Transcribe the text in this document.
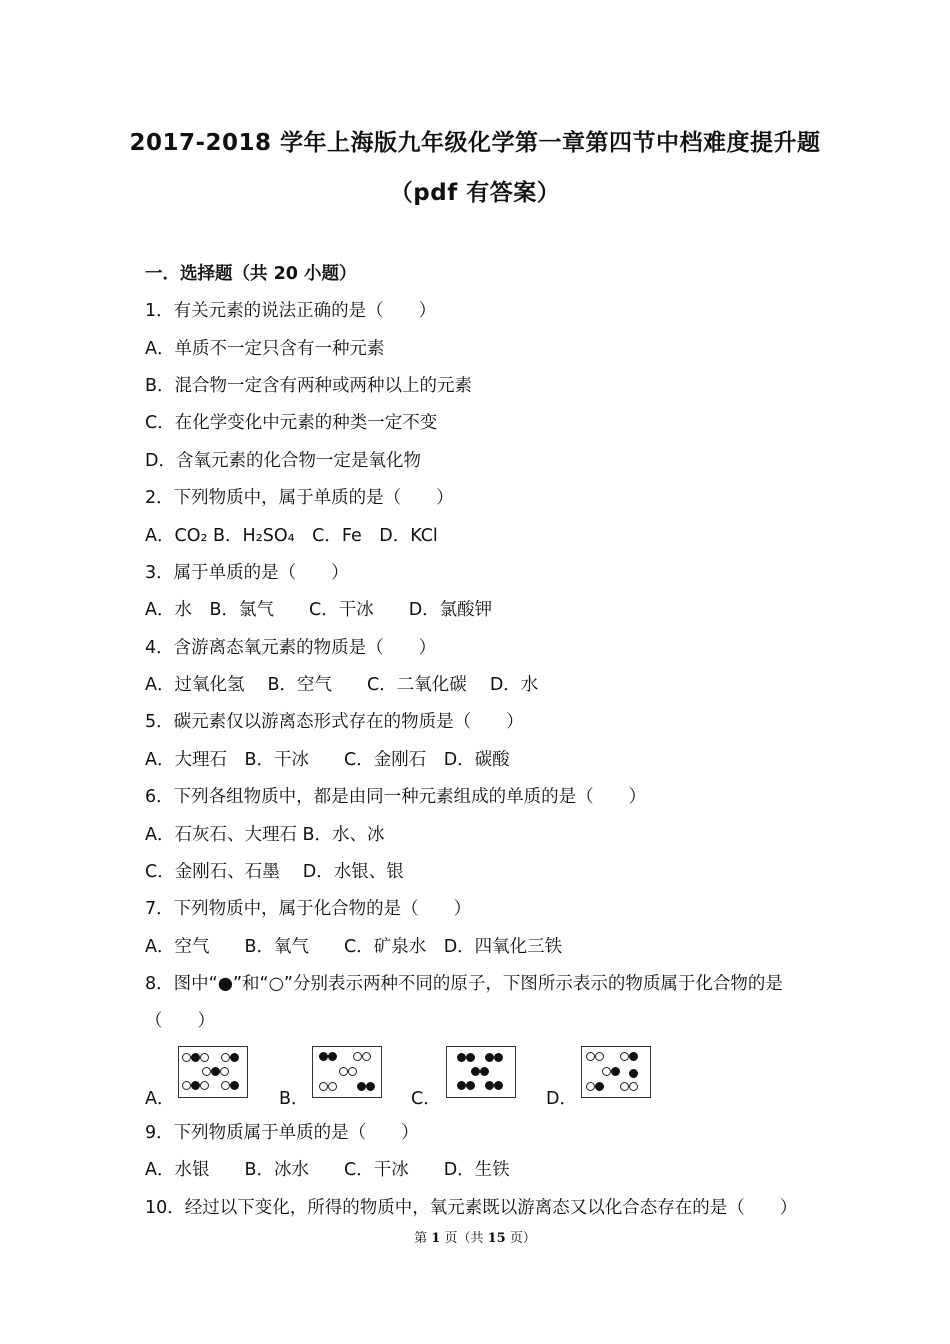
2017-2018 学年上海版九年级化学第一章第四节中档难度提升题
（pdf 有答案）
一．选择题（共 20 小题）
1．有关元素的说法正确的是（　　）
A．单质不一定只含有一种元素
B．混合物一定含有两种或两种以上的元素
C．在化学变化中元素的种类一定不变
D．含氧元素的化合物一定是氧化物
2．下列物质中，属于单质的是（　　）
A．CO₂ B．H₂SO₄　C．Fe　D．KCl
3．属于单质的是（　　）
A．水　B．氯气　　C．干冰　　D．氯酸钾
4．含游离态氧元素的物质是（　　）
A．过氧化氢　 B．空气　　C．二氧化碳　 D．水
5．碳元素仅以游离态形式存在的物质是（　　）
A．大理石　B．干冰　　C．金刚石　D．碳酸
6．下列各组物质中，都是由同一种元素组成的单质的是（　　）
A．石灰石、大理石 B．水、冰
C．金刚石、石墨　 D．水银、银
7．下列物质中，属于化合物的是（　　）
A．空气　　B．氧气　　C．矿泉水　D．四氧化三铁
8．图中“●”和“○”分别表示两种不同的原子，下图所示表示的物质属于化合物的是
（　　）
A．	B．	C．	D．
9．下列物质属于单质的是（　　）
A．水银　　B．冰水　　C．干冰　　D．生铁
10．经过以下变化，所得的物质中，氧元素既以游离态又以化合态存在的是（　　）
第 1 页（共 15 页）
